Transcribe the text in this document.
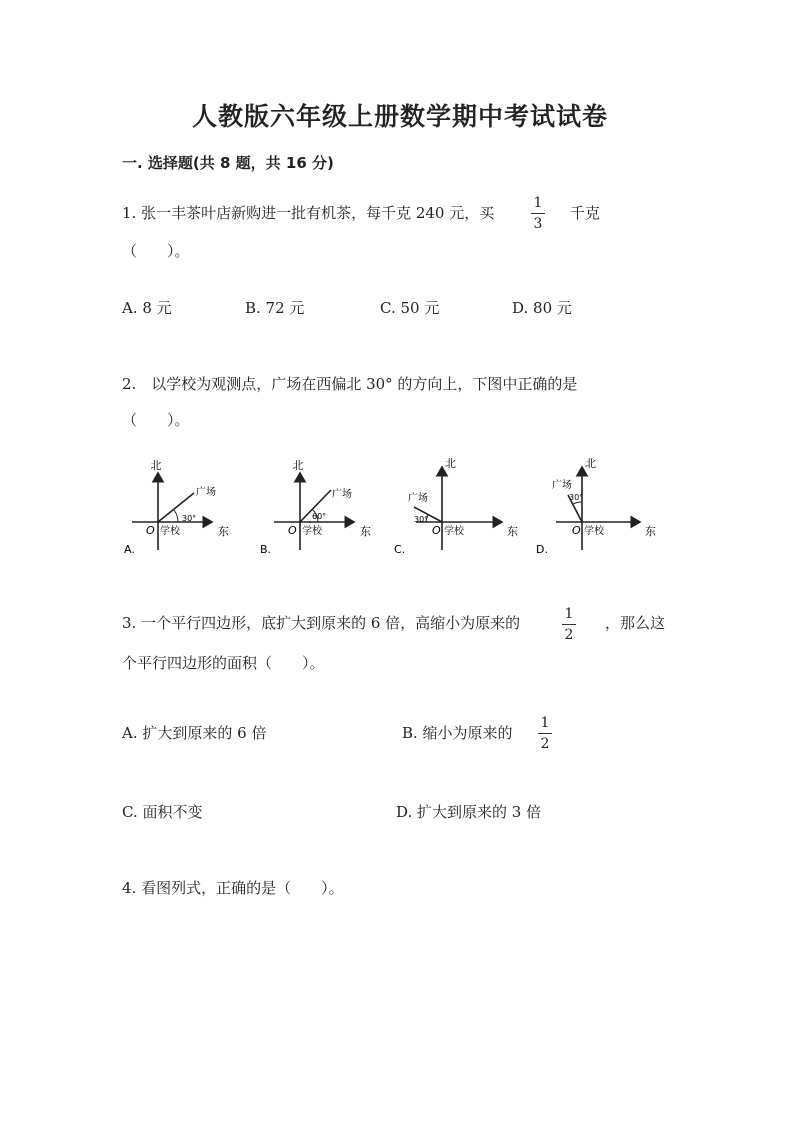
人教版六年级上册数学期中考试试卷
一. 选择题(共 8 题，共 16 分)
1. 张一丰茶叶店新购进一批有机茶，每千克 240 元，买
1
3
千克
（　　）。
A. 8 元	B. 72 元	C. 50 元	D. 80 元
2.　以学校为观测点，广场在西偏北 30° 的方向上，下图中正确的是
（　　）。
北
东
O 学校
广场
30°
A.
北
东
O 学校
广场
60°
B.
北
东
O 学校
广场
30°
C.
北
东
O 学校
广场
30°
D.
3. 一个平行四边形，底扩大到原来的 6 倍，高缩小为原来的	1
2
，那么这
个平行四边形的面积（　　）。
A. 扩大到原来的 6 倍	B. 缩小为原来的
1
2
C. 面积不变	D. 扩大到原来的 3 倍
4. 看图列式，正确的是（　　）。
